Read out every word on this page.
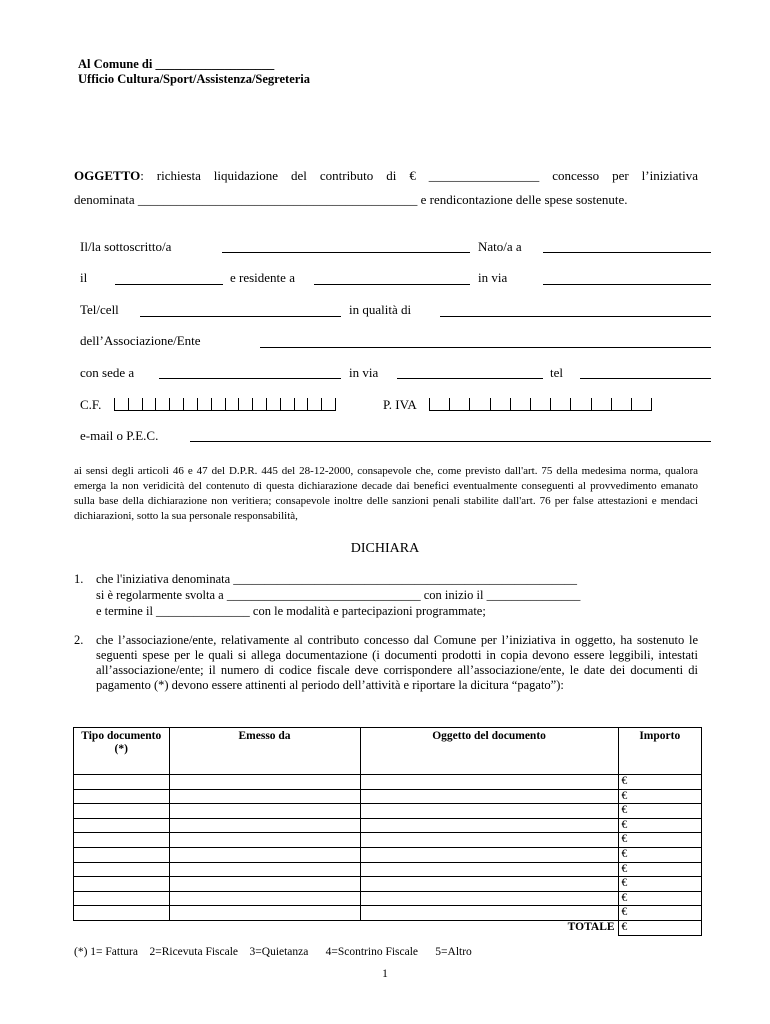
Al Comune di ___________________
Ufficio Cultura/Sport/Assistenza/Segreteria
OGGETTO: richiesta liquidazione del contributo di € _________________ concesso per l’iniziativa
denominata ___________________________________________ e rendicontazione delle spese sostenute.
Il/la sottoscritto/a	Nato/a a
il	e residente a	in via
Tel/cell	in qualità di
dell’Associazione/Ente
con sede a	in via	tel
C.F.	P. IVA
e-mail o P.E.C.
ai sensi degli articoli 46 e 47 del D.P.R. 445 del 28-12-2000, consapevole che, come previsto dall'art. 75 della medesima norma, qualora emerga la non veridicità del contenuto di questa dichiarazione decade dai benefici eventualmente conseguenti al provvedimento emanato sulla base della dichiarazione non veritiera; consapevole inoltre delle sanzioni penali stabilite dall'art. 76 per false attestazioni e mendaci dichiarazioni, sotto la sua personale responsabilità,
DICHIARA
1. che l'iniziativa denominata _______________________________________________________
si è regolarmente svolta a _______________________________ con inizio il _______________
e termine il _______________ con le modalità e partecipazioni programmate;
2. che l’associazione/ente, relativamente al contributo concesso dal Comune per l’iniziativa in oggetto, ha sostenuto le seguenti spese per le quali si allega documentazione (i documenti prodotti in copia devono essere leggibili, intestati all’associazione/ente; il numero di codice fiscale deve corrispondere all’associazione/ente, le date dei documenti di pagamento (*) devono essere attinenti al periodo dell’attività e riportare la dicitura “pagato”):
Tipo documento (*)	Emesso da	Oggetto del documento	Importo
			€
			€
			€
			€
			€
			€
			€
			€
			€
			€
TOTALE			€
(*) 1= Fattura    2=Ricevuta Fiscale    3=Quietanza      4=Scontrino Fiscale      5=Altro
1
